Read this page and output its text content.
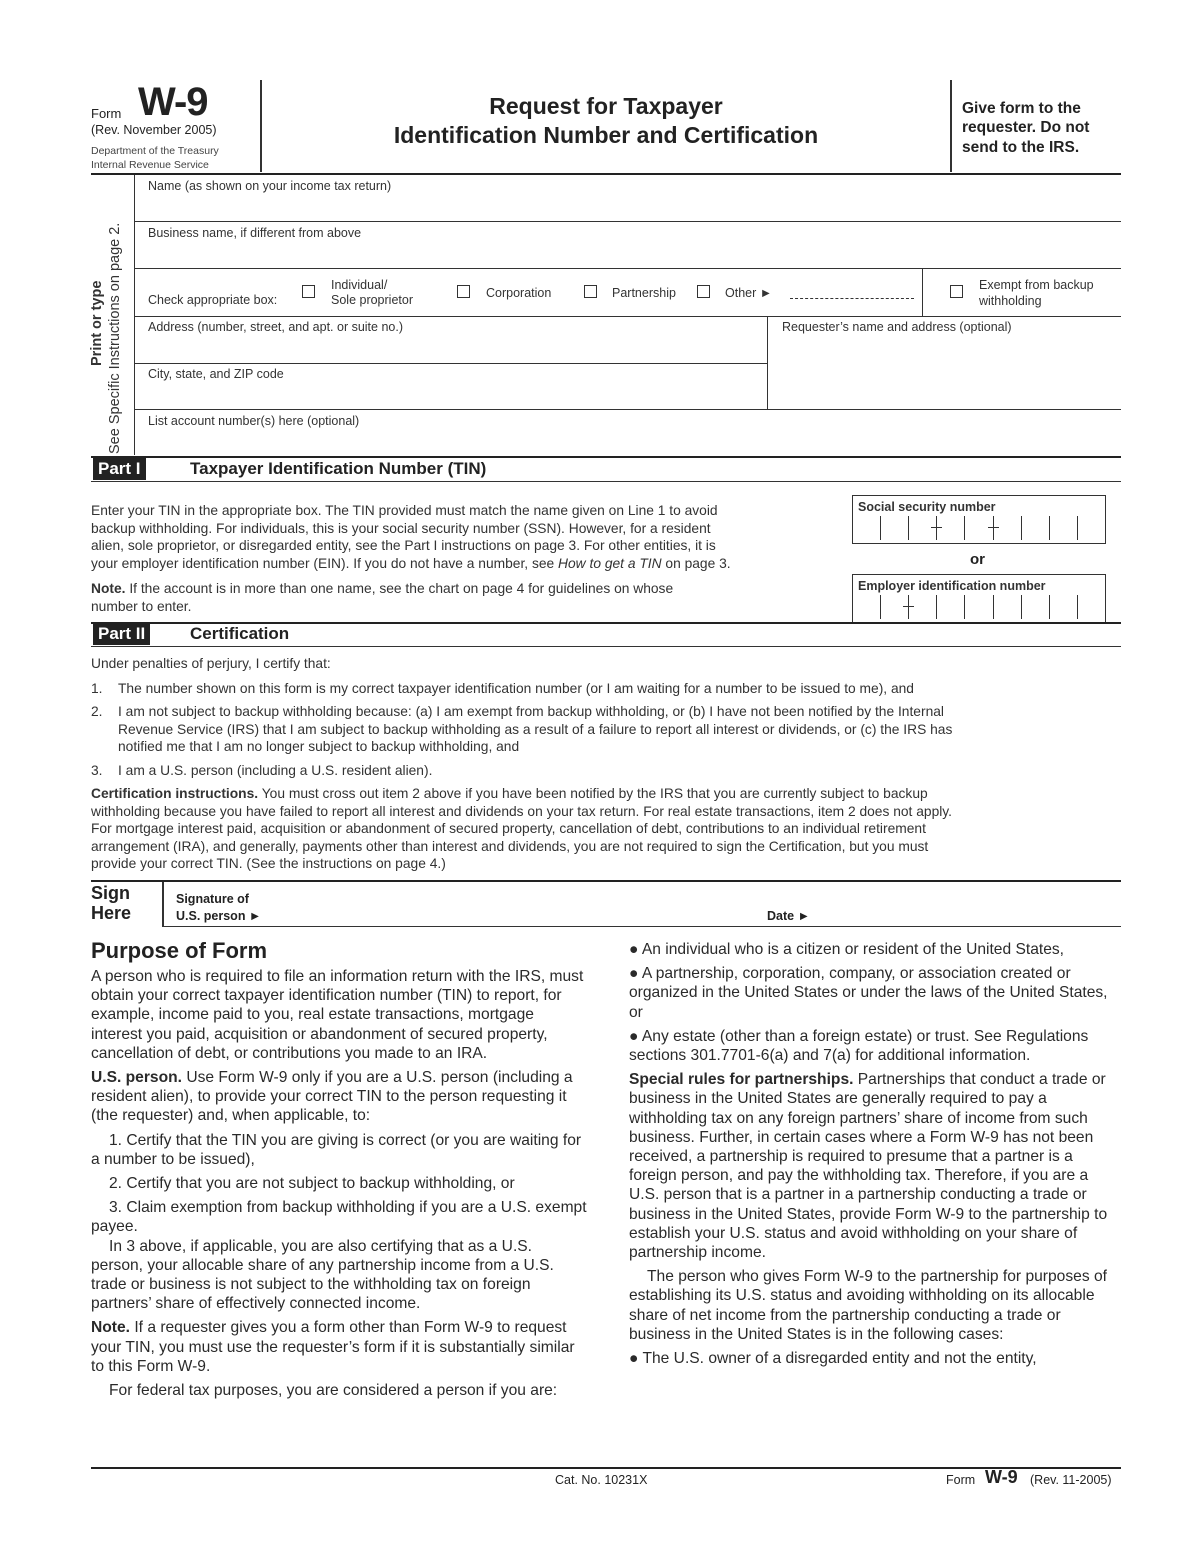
Form W-9
(Rev. November 2005)
Department of the Treasury
Internal Revenue Service
Request for Taxpayer
Identification Number and Certification
Give form to the
requester. Do not
send to the IRS.
Print or type See Specific Instructions on page 2.
Name (as shown on your income tax return)
Business name, if different from above
Check appropriate box:
Individual/
Sole proprietor	Corporation	Partnership	Other ►
Exempt from backup
withholding
Address (number, street, and apt. or suite no.)	Requester’s name and address (optional)
City, state, and ZIP code
List account number(s) here (optional)
Part I	Taxpayer Identification Number (TIN)
Enter your TIN in the appropriate box. The TIN provided must match the name given on Line 1 to avoid
backup withholding. For individuals, this is your social security number (SSN). However, for a resident
alien, sole proprietor, or disregarded entity, see the Part I instructions on page 3. For other entities, it is
your employer identification number (EIN). If you do not have a number, see How to get a TIN on page 3.
Note. If the account is in more than one name, see the chart on page 4 for guidelines on whose
number to enter.
Social security number
or
Employer identification number
Part II	Certification
Under penalties of perjury, I certify that:
1. The number shown on this form is my correct taxpayer identification number (or I am waiting for a number to be issued to me), and
2. I am not subject to backup withholding because: (a) I am exempt from backup withholding, or (b) I have not been notified by the Internal
Revenue Service (IRS) that I am subject to backup withholding as a result of a failure to report all interest or dividends, or (c) the IRS has
notified me that I am no longer subject to backup withholding, and
3. I am a U.S. person (including a U.S. resident alien).
Certification instructions. You must cross out item 2 above if you have been notified by the IRS that you are currently subject to backup
withholding because you have failed to report all interest and dividends on your tax return. For real estate transactions, item 2 does not apply.
For mortgage interest paid, acquisition or abandonment of secured property, cancellation of debt, contributions to an individual retirement
arrangement (IRA), and generally, payments other than interest and dividends, you are not required to sign the Certification, but you must
provide your correct TIN. (See the instructions on page 4.)
Sign
Here
Signature of
U.S. person ►	Date ►
Purpose of Form

A person who is required to file an information return with the IRS, must obtain your correct taxpayer identification number (TIN) to report, for example, income paid to you, real estate transactions, mortgage interest you paid, acquisition or abandonment of secured property, cancellation of debt, or contributions you made to an IRA.

U.S. person. Use Form W-9 only if you are a U.S. person (including a resident alien), to provide your correct TIN to the person requesting it (the requester) and, when applicable, to:

1. Certify that the TIN you are giving is correct (or you are waiting for a number to be issued),

2. Certify that you are not subject to backup withholding, or

3. Claim exemption from backup withholding if you are a U.S. exempt payee.

In 3 above, if applicable, you are also certifying that as a U.S. person, your allocable share of any partnership income from a U.S. trade or business is not subject to the withholding tax on foreign partners’ share of effectively connected income.

Note. If a requester gives you a form other than Form W-9 to request your TIN, you must use the requester’s form if it is substantially similar to this Form W-9.

For federal tax purposes, you are considered a person if you are:

● An individual who is a citizen or resident of the United States,

● A partnership, corporation, company, or association created or organized in the United States or under the laws of the United States, or

● Any estate (other than a foreign estate) or trust. See Regulations sections 301.7701-6(a) and 7(a) for additional information.

Special rules for partnerships. Partnerships that conduct a trade or business in the United States are generally required to pay a withholding tax on any foreign partners’ share of income from such business. Further, in certain cases where a Form W-9 has not been received, a partnership is required to presume that a partner is a foreign person, and pay the withholding tax. Therefore, if you are a U.S. person that is a partner in a partnership conducting a trade or business in the United States, provide Form W-9 to the partnership to establish your U.S. status and avoid withholding on your share of partnership income.

The person who gives Form W-9 to the partnership for purposes of establishing its U.S. status and avoiding withholding on its allocable share of net income from the partnership conducting a trade or business in the United States is in the following cases:

● The U.S. owner of a disregarded entity and not the entity,

Cat. No. 10231X	Form W-9 (Rev. 11-2005)
